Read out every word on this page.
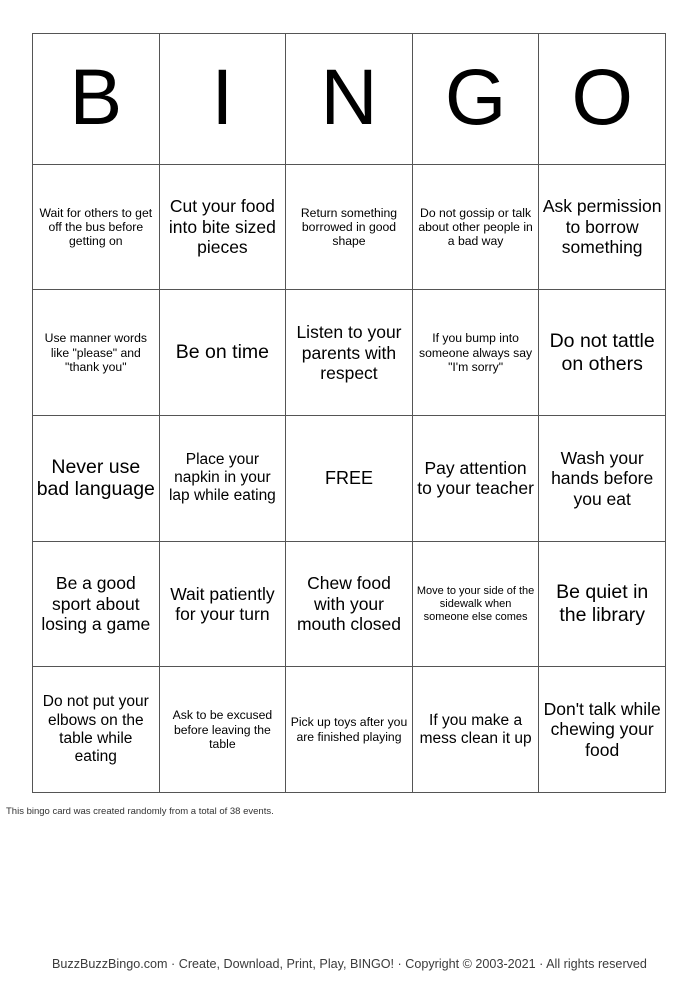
B I N G O
Wait for others to get off the bus before getting on
Cut your food into bite sized pieces
Return something borrowed in good shape
Do not gossip or talk about other people in a bad way
Ask permission to borrow something
Use manner words like "please" and "thank you"
Be on time
Listen to your parents with respect
If you bump into someone always say "I'm sorry"
Do not tattle on others
Never use bad language
Place your napkin in your lap while eating
FREE	Pay attention to your teacher
Wash your hands before you eat
Be a good sport about losing a game
Wait patiently for your turn
Chew food with your mouth closed
Move to your side of the sidewalk when someone else comes
Be quiet in the library
Do not put your elbows on the table while eating
Ask to be excused before leaving the table
Pick up toys after you are finished playing
If you make a mess clean it up
Don't talk while chewing your food
This bingo card was created randomly from a total of 38 events.
BuzzBuzzBingo.com · Create, Download, Print, Play, BINGO! · Copyright © 2003-2021 · All rights reserved
